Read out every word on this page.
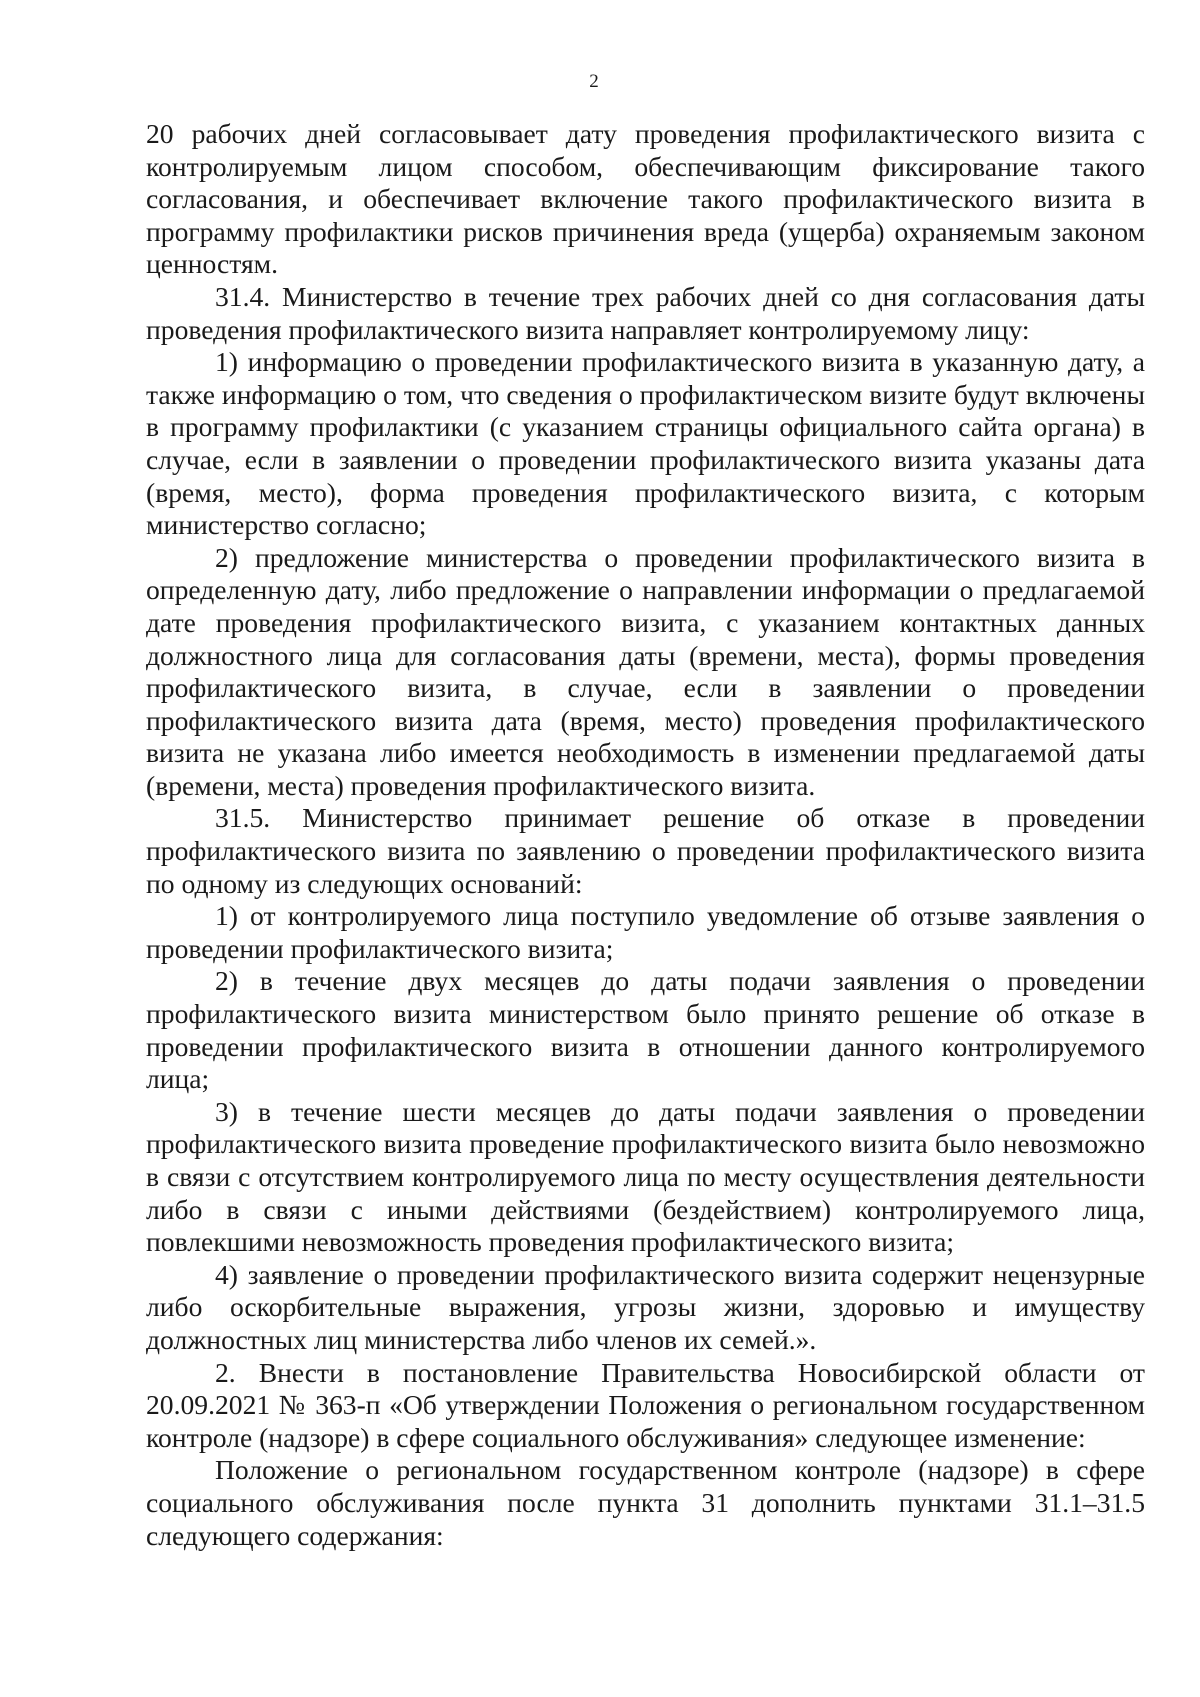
2

20 рабочих дней согласовывает дату проведения профилактического визита с контролируемым лицом способом, обеспечивающим фиксирование такого согласования, и обеспечивает включение такого профилактического визита в программу профилактики рисков причинения вреда (ущерба) охраняемым законом ценностям.

31.4. Министерство в течение трех рабочих дней со дня согласования даты проведения профилактического визита направляет контролируемому лицу:

1) информацию о проведении профилактического визита в указанную дату, а также информацию о том, что сведения о профилактическом визите будут включены в программу профилактики (с указанием страницы официального сайта органа) в случае, если в заявлении о проведении профилактического визита указаны дата (время, место), форма проведения профилактического визита, с которым министерство согласно;

2) предложение министерства о проведении профилактического визита в определенную дату, либо предложение о направлении информации о предлагаемой дате проведения профилактического визита, с указанием контактных данных должностного лица для согласования даты (времени, места), формы проведения профилактического визита, в случае, если в заявлении о проведении профилактического визита дата (время, место) проведения профилактического визита не указана либо имеется необходимость в изменении предлагаемой даты (времени, места) проведения профилактического визита.

31.5. Министерство принимает решение об отказе в проведении профилактического визита по заявлению о проведении профилактического визита по одному из следующих оснований:

1) от контролируемого лица поступило уведомление об отзыве заявления о проведении профилактического визита;

2) в течение двух месяцев до даты подачи заявления о проведении профилактического визита министерством было принято решение об отказе в проведении профилактического визита в отношении данного контролируемого лица;

3) в течение шести месяцев до даты подачи заявления о проведении профилактического визита проведение профилактического визита было невозможно в связи с отсутствием контролируемого лица по месту осуществления деятельности либо в связи с иными действиями (бездействием) контролируемого лица, повлекшими невозможность проведения профилактического визита;

4) заявление о проведении профилактического визита содержит нецензурные либо оскорбительные выражения, угрозы жизни, здоровью и имуществу должностных лиц министерства либо членов их семей.».

2. Внести в постановление Правительства Новосибирской области от 20.09.2021 № 363-п «Об утверждении Положения о региональном государственном контроле (надзоре) в сфере социального обслуживания» следующее изменение:

Положение о региональном государственном контроле (надзоре) в сфере социального обслуживания после пункта 31 дополнить пунктами 31.1–31.5 следующего содержания:
